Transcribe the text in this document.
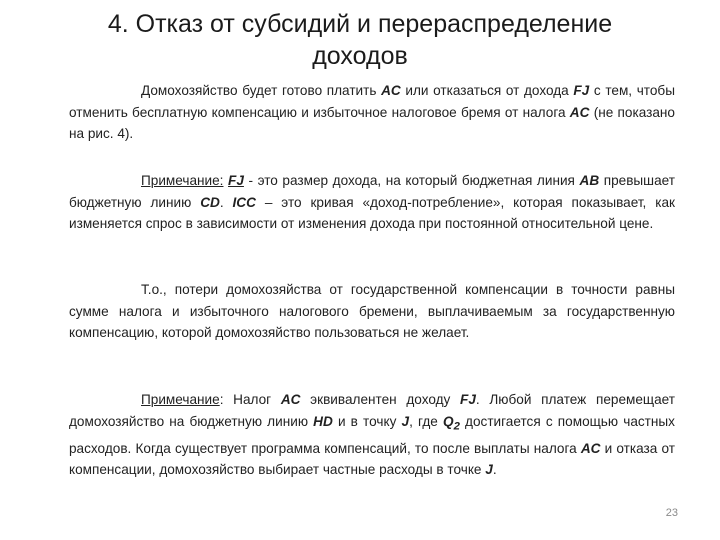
4. Отказ от субсидий и перераспределение
доходов
Домохозяйство будет готово платить AC или отказаться от дохода FJ с тем, чтобы отменить бесплатную компенсацию и избыточное налоговое бремя от налога AC (не показано на рис. 4).
Примечание: FJ - это размер дохода, на который бюджетная линия AB превышает бюджетную линию CD. ICC – это кривая «доход-потребление», которая показывает, как изменяется спрос в зависимости от изменения дохода при постоянной относительной цене.
Т.о., потери домохозяйства от государственной компенсации в точности равны сумме налога и избыточного налогового бремени, выплачиваемым за государственную компенсацию, которой домохозяйство пользоваться не желает.
Примечание: Налог AC эквивалентен доходу FJ. Любой платеж перемещает домохозяйство на бюджетную линию HD и в точку J, где $Q_2$ достигается с помощью частных расходов. Когда существует программа компенсаций, то после выплаты налога AC и отказа от компенсации, домохозяйство выбирает частные расходы в точке J.
23
